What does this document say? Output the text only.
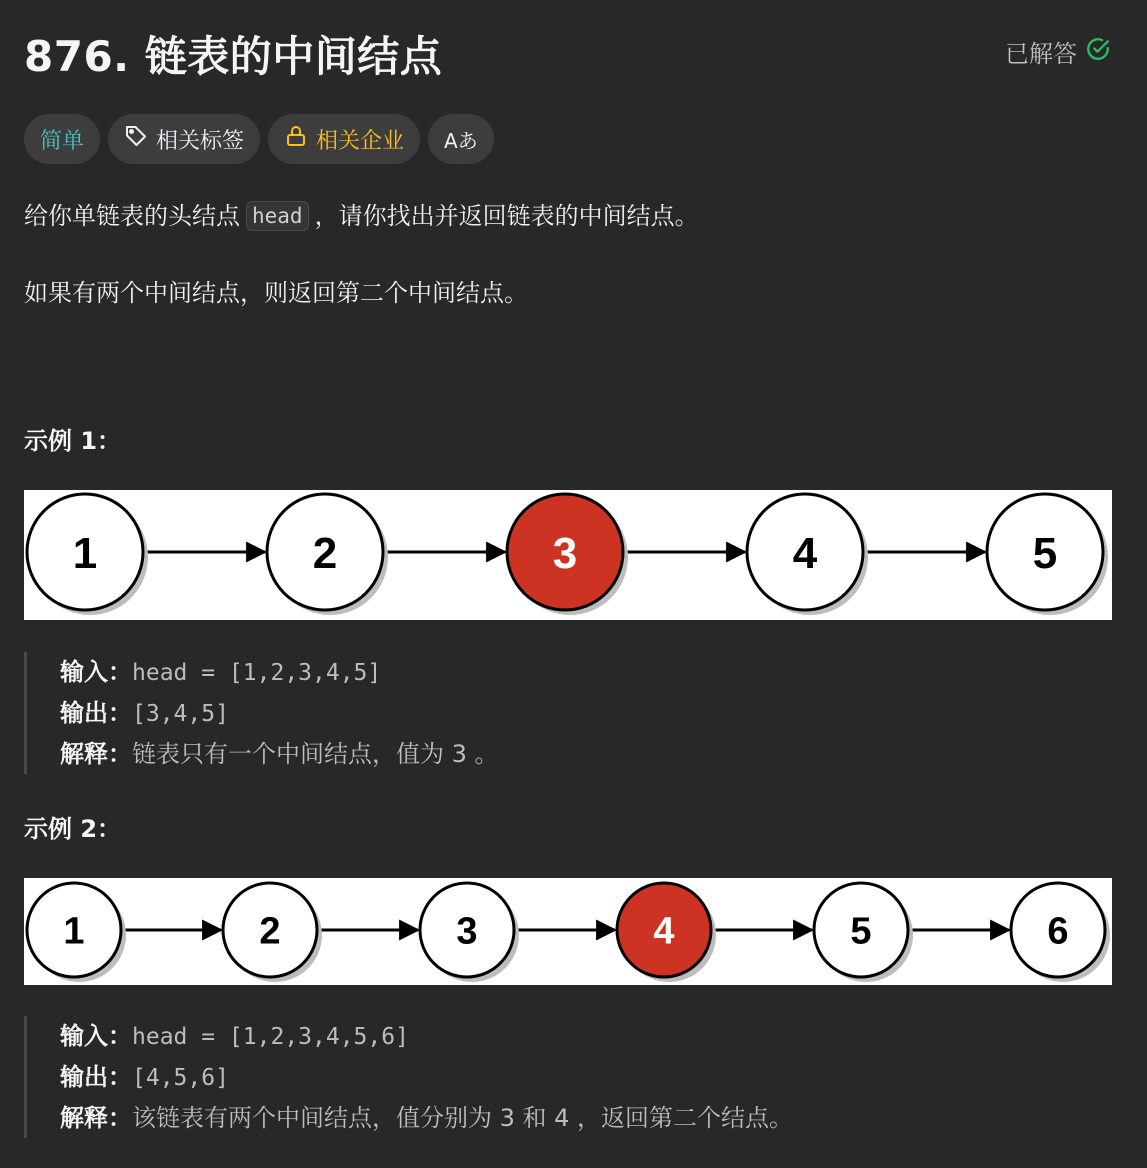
876. 链表的中间结点	已解答
简单	相关标签	相关企业 Aあ
给你单链表的头结点 head ，请你找出并返回链表的中间结点。
如果有两个中间结点，则返回第二个中间结点。
示例 1：
1	2	3	4	5
输入：head = [1,2,3,4,5]
输出：[3,4,5]
解释：链表只有一个中间结点，值为 3 。
示例 2：
1	2	3	4	5	6
输入：head = [1,2,3,4,5,6]
输出：[4,5,6]
解释：该链表有两个中间结点，值分别为 3 和 4 ，返回第二个结点。
